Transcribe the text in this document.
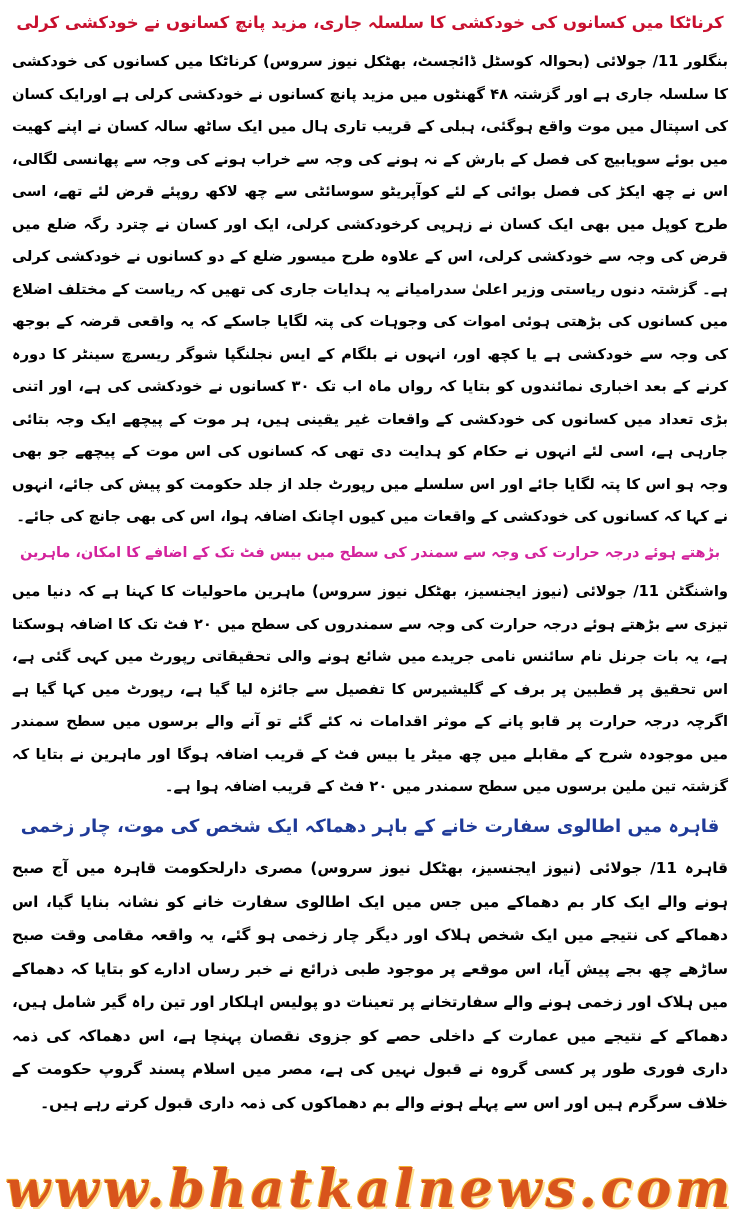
کرناٹکا میں کسانوں کی خودکشی کا سلسلہ جاری، مزید پانچ کسانوں نے خودکشی کرلی

بنگلور 11/ جولائی (بحوالہ کوسٹل ڈائجسٹ، بھٹکل نیوز سروس) کرناٹکا میں کسانوں کی خودکشی کا سلسلہ جاری ہے اور گزشتہ ۴۸ گھنٹوں میں مزید پانچ کسانوں نے خودکشی کرلی ہے اورایک کسان کی اسپتال میں موت واقع ہوگئی، ہبلی کے قریب تاری ہال میں ایک ساٹھ سالہ کسان نے اپنے کھیت میں بوئے سویابیج کی فصل کے بارش کے نہ ہونے کی وجہ سے خراب ہونے کی وجہ سے پھانسی لگالی، اس نے چھ ایکڑ کی فصل بوائی کے لئے کوآپریٹو سوسائٹی سے چھ لاکھ روپئے قرض لئے تھے، اسی طرح کوپل میں بھی ایک کسان نے زہرپی کرخودکشی کرلی، ایک اور کسان نے چترد رگہ ضلع میں قرض کی وجہ سے خودکشی کرلی، اس کے علاوہ طرح میسور ضلع کے دو کسانوں نے خودکشی کرلی ہے۔ گزشتہ دنوں ریاستی وزیر اعلیٰ سدرامیانے یہ ہدایات جاری کی تھیں کہ ریاست کے مختلف اضلاع میں کسانوں کی بڑھتی ہوئی اموات کی وجوہات کی پتہ لگایا جاسکے کہ یہ واقعی قرضہ کے بوجھ کی وجہ سے خودکشی ہے یا کچھ اور، انہوں نے بلگام کے ایس نجلنگپا شوگر ریسرچ سینٹر کا دورہ کرنے کے بعد اخباری نمائندوں کو بتایا کہ رواں ماہ اب تک ۳۰ کسانوں نے خودکشی کی ہے، اور اتنی بڑی تعداد میں کسانوں کی خودکشی کے واقعات غیر یقینی ہیں، ہر موت کے پیچھے ایک وجہ بتائی جارہی ہے، اسی لئے انہوں نے حکام کو ہدایت دی تھی کہ کسانوں کی اس موت کے پیچھے جو بھی وجہ ہو اس کا پتہ لگایا جائے اور اس سلسلے میں رپورٹ جلد از جلد حکومت کو پیش کی جائے، انہوں نے کہا کہ کسانوں کی خودکشی کے واقعات میں کیوں اچانک اضافہ ہوا، اس کی بھی جانچ کی جائے۔

بڑھتے ہوئے درجہ حرارت کی وجہ سے سمندر کی سطح میں بیس فٹ تک کے اضافے کا امکان، ماہرین

واشنگٹن 11/ جولائی (نیوز ایجنسیز، بھٹکل نیوز سروس) ماہرین ماحولیات کا کہنا ہے کہ دنیا میں تیزی سے بڑھتے ہوئے درجہ حرارت کی وجہ سے سمندروں کی سطح میں ۲۰ فٹ تک کا اضافہ ہوسکتا ہے، یہ بات جرنل نام سائنس نامی جریدے میں شائع ہونے والی تحقیقاتی رپورٹ میں کہی گئی ہے، اس تحقیق پر قطبین پر برف کے گلیشیرس کا تفصیل سے جائزہ لیا گیا ہے، رپورٹ میں کہا گیا ہے اگرچہ درجہ حرارت پر قابو پانے کے موثر اقدامات نہ کئے گئے تو آنے والے برسوں میں سطح سمندر میں موجودہ شرح کے مقابلے میں چھ میٹر یا بیس فٹ کے قریب اضافہ ہوگا اور ماہرین نے بتایا کہ گزشتہ تین ملین برسوں میں سطح سمندر میں ۲۰ فٹ کے قریب اضافہ ہوا ہے۔

قاہرہ میں اطالوی سفارت خانے کے باہر دھماکہ ایک شخص کی موت، چار زخمی

قاہرہ 11/ جولائی (نیوز ایجنسیز، بھٹکل نیوز سروس) مصری دارلحکومت قاہرہ میں آج صبح ہونے والے ایک کار بم دھماکے میں جس میں ایک اطالوی سفارت خانے کو نشانہ بنایا گیا، اس دھماکے کی نتیجے میں ایک شخص ہلاک اور دیگر چار زخمی ہو گئے، یہ واقعہ مقامی وقت صبح ساڑھے چھ بجے پیش آیا، اس موقعے پر موجود طبی ذرائع نے خبر رساں ادارے کو بتایا کہ دھماکے میں ہلاک اور زخمی ہونے والے سفارتخانے پر تعینات دو پولیس اہلکار اور تین راہ گیر شامل ہیں، دھماکے کے نتیجے میں عمارت کے داخلی حصے کو جزوی نقصان پہنچا ہے، اس دھماکہ کی ذمہ داری فوری طور پر کسی گروہ نے قبول نہیں کی ہے، مصر میں اسلام پسند گروپ حکومت کے خلاف سرگرم ہیں اور اس سے پہلے ہونے والے بم دھماکوں کی ذمہ داری قبول کرتے رہے ہیں۔

www.bhatkalnews.com
